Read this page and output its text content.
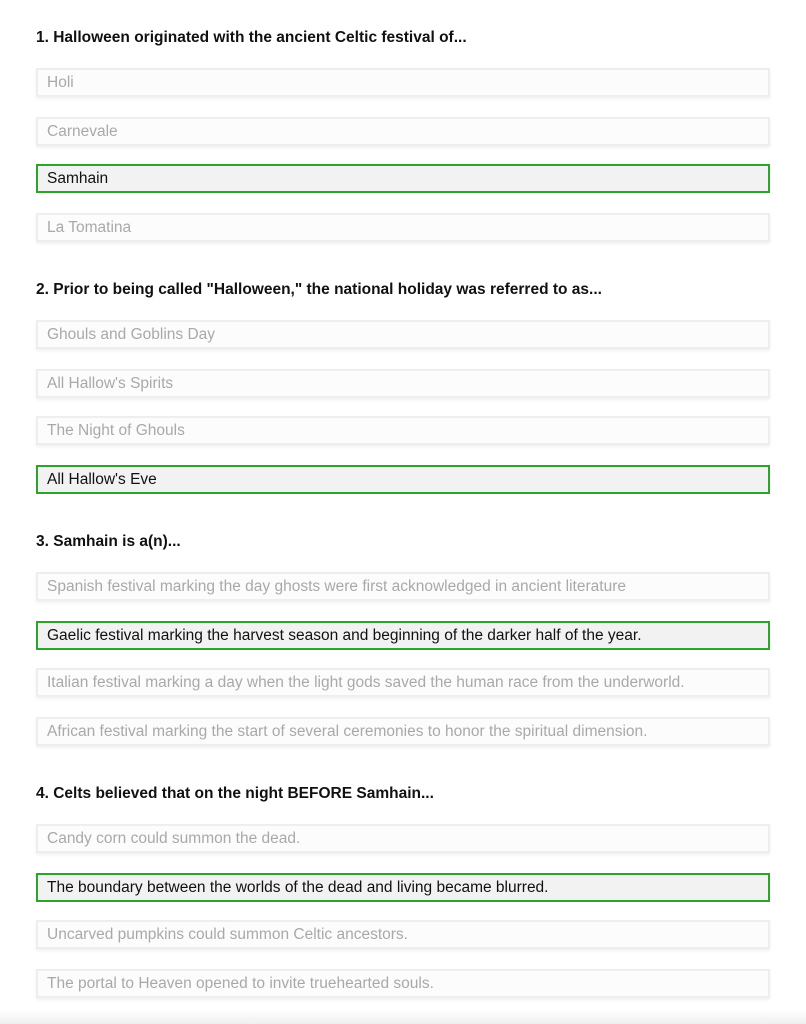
1. Halloween originated with the ancient Celtic festival of...
Holi
Carnevale
Samhain
La Tomatina
2. Prior to being called "Halloween," the national holiday was referred to as...
Ghouls and Goblins Day
All Hallow's Spirits
The Night of Ghouls
All Hallow's Eve
3. Samhain is a(n)...
Spanish festival marking the day ghosts were first acknowledged in ancient literature
Gaelic festival marking the harvest season and beginning of the darker half of the year.
Italian festival marking a day when the light gods saved the human race from the underworld.
African festival marking the start of several ceremonies to honor the spiritual dimension.
4. Celts believed that on the night BEFORE Samhain...
Candy corn could summon the dead.
The boundary between the worlds of the dead and living became blurred.
Uncarved pumpkins could summon Celtic ancestors.
The portal to Heaven opened to invite truehearted souls.
